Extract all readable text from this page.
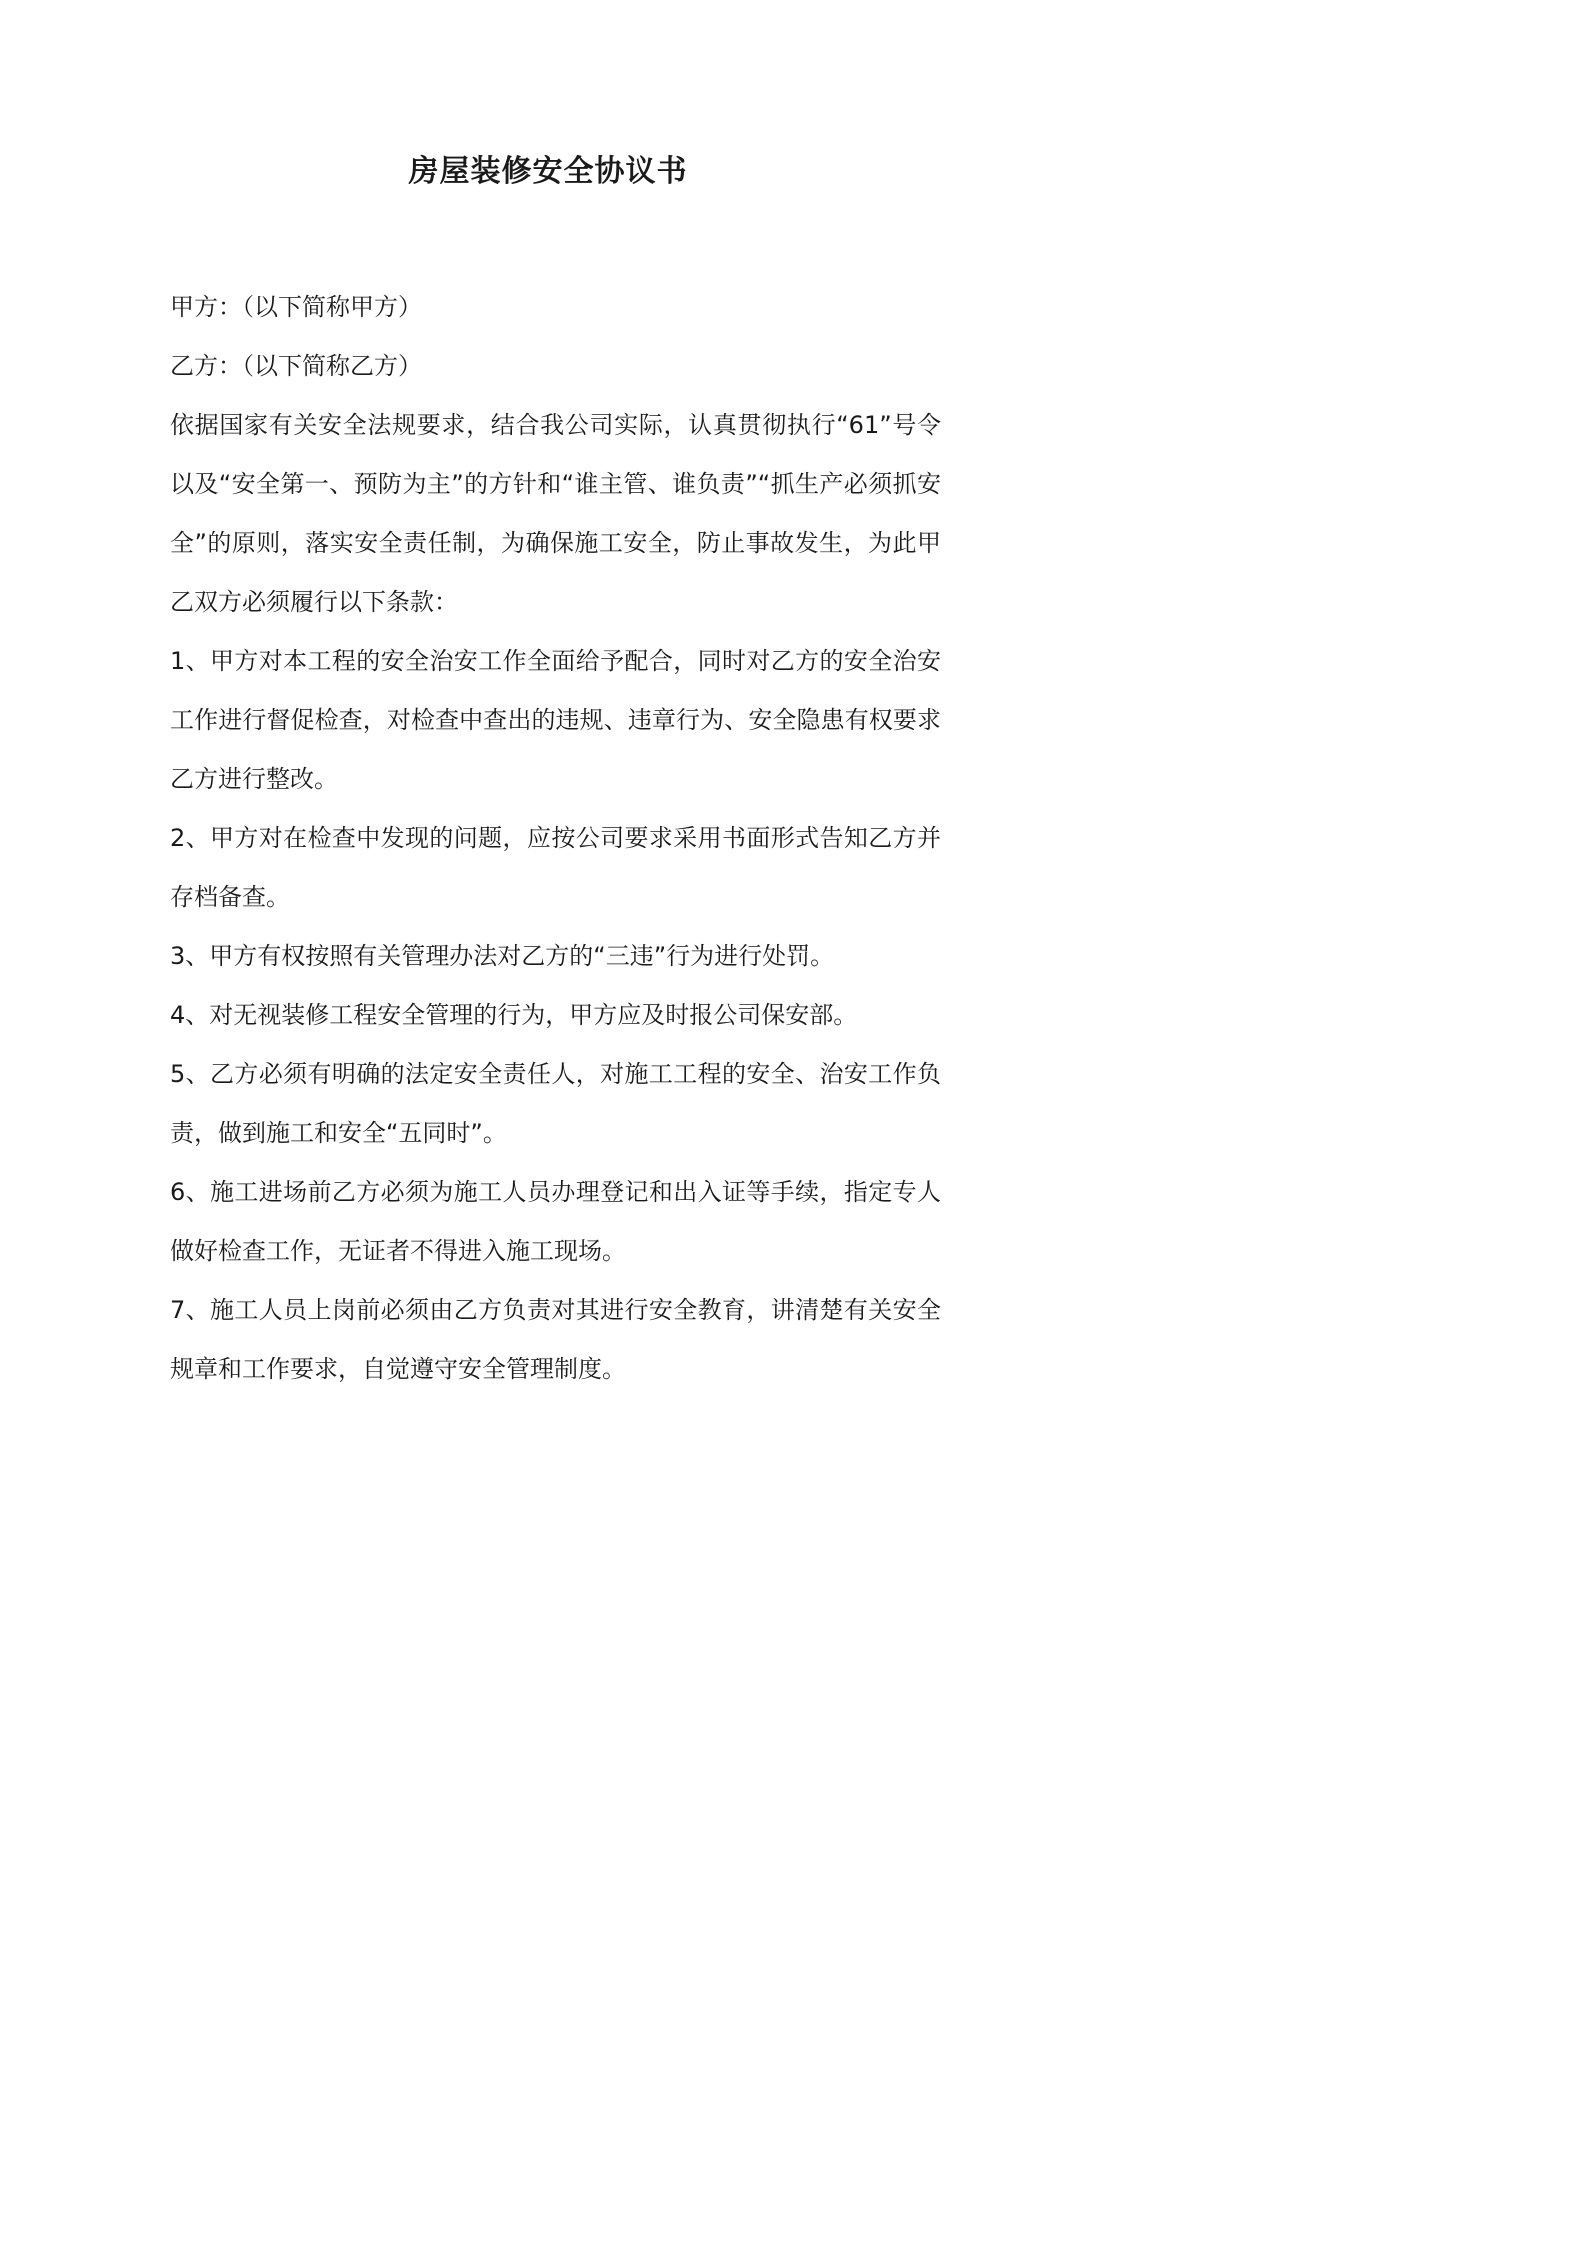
房屋装修安全协议书

甲方：（以下简称甲方）

乙方：（以下简称乙方）

依据国家有关安全法规要求，结合我公司实际，认真贯彻执行“61”号令以及“安全第一、预防为主”的方针和“谁主管、谁负责”“抓生产必须抓安全”的原则，落实安全责任制，为确保施工安全，防止事故发生，为此甲乙双方必须履行以下条款：

1、甲方对本工程的安全治安工作全面给予配合，同时对乙方的安全治安工作进行督促检查，对检查中查出的违规、违章行为、安全隐患有权要求乙方进行整改。

2、甲方对在检查中发现的问题，应按公司要求采用书面形式告知乙方并存档备查。

3、甲方有权按照有关管理办法对乙方的“三违”行为进行处罚。

4、对无视装修工程安全管理的行为，甲方应及时报公司保安部。

5、乙方必须有明确的法定安全责任人，对施工工程的安全、治安工作负责，做到施工和安全“五同时”。

6、施工进场前乙方必须为施工人员办理登记和出入证等手续，指定专人做好检查工作，无证者不得进入施工现场。

7、施工人员上岗前必须由乙方负责对其进行安全教育，讲清楚有关安全规章和工作要求，自觉遵守安全管理制度。
